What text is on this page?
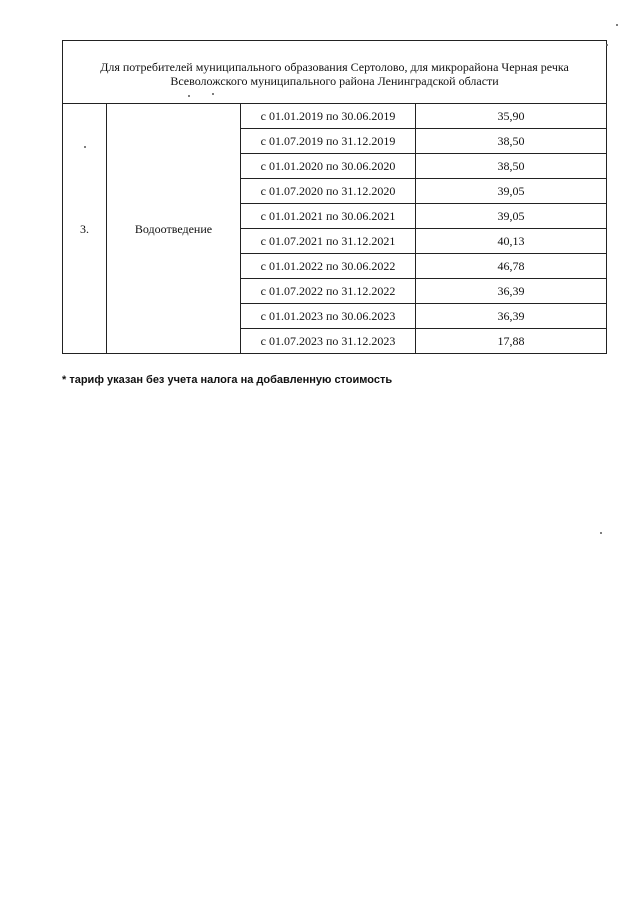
Для потребителей муниципального образования Сертолово, для микрорайона Черная речка Всеволожского муниципального района Ленинградской области			
3.	Водоотведение	с 01.01.2019 по 30.06.2019	35,90
		с 01.07.2019 по 31.12.2019	38,50
		с 01.01.2020 по 30.06.2020	38,50
		с 01.07.2020 по 31.12.2020	39,05
		с 01.01.2021 по 30.06.2021	39,05
		с 01.07.2021 по 31.12.2021	40,13
		с 01.01.2022 по 30.06.2022	46,78
		с 01.07.2022 по 31.12.2022	36,39
		с 01.01.2023 по 30.06.2023	36,39
		с 01.07.2023 по 31.12.2023	17,88
* тариф указан без учета налога на добавленную стоимость
